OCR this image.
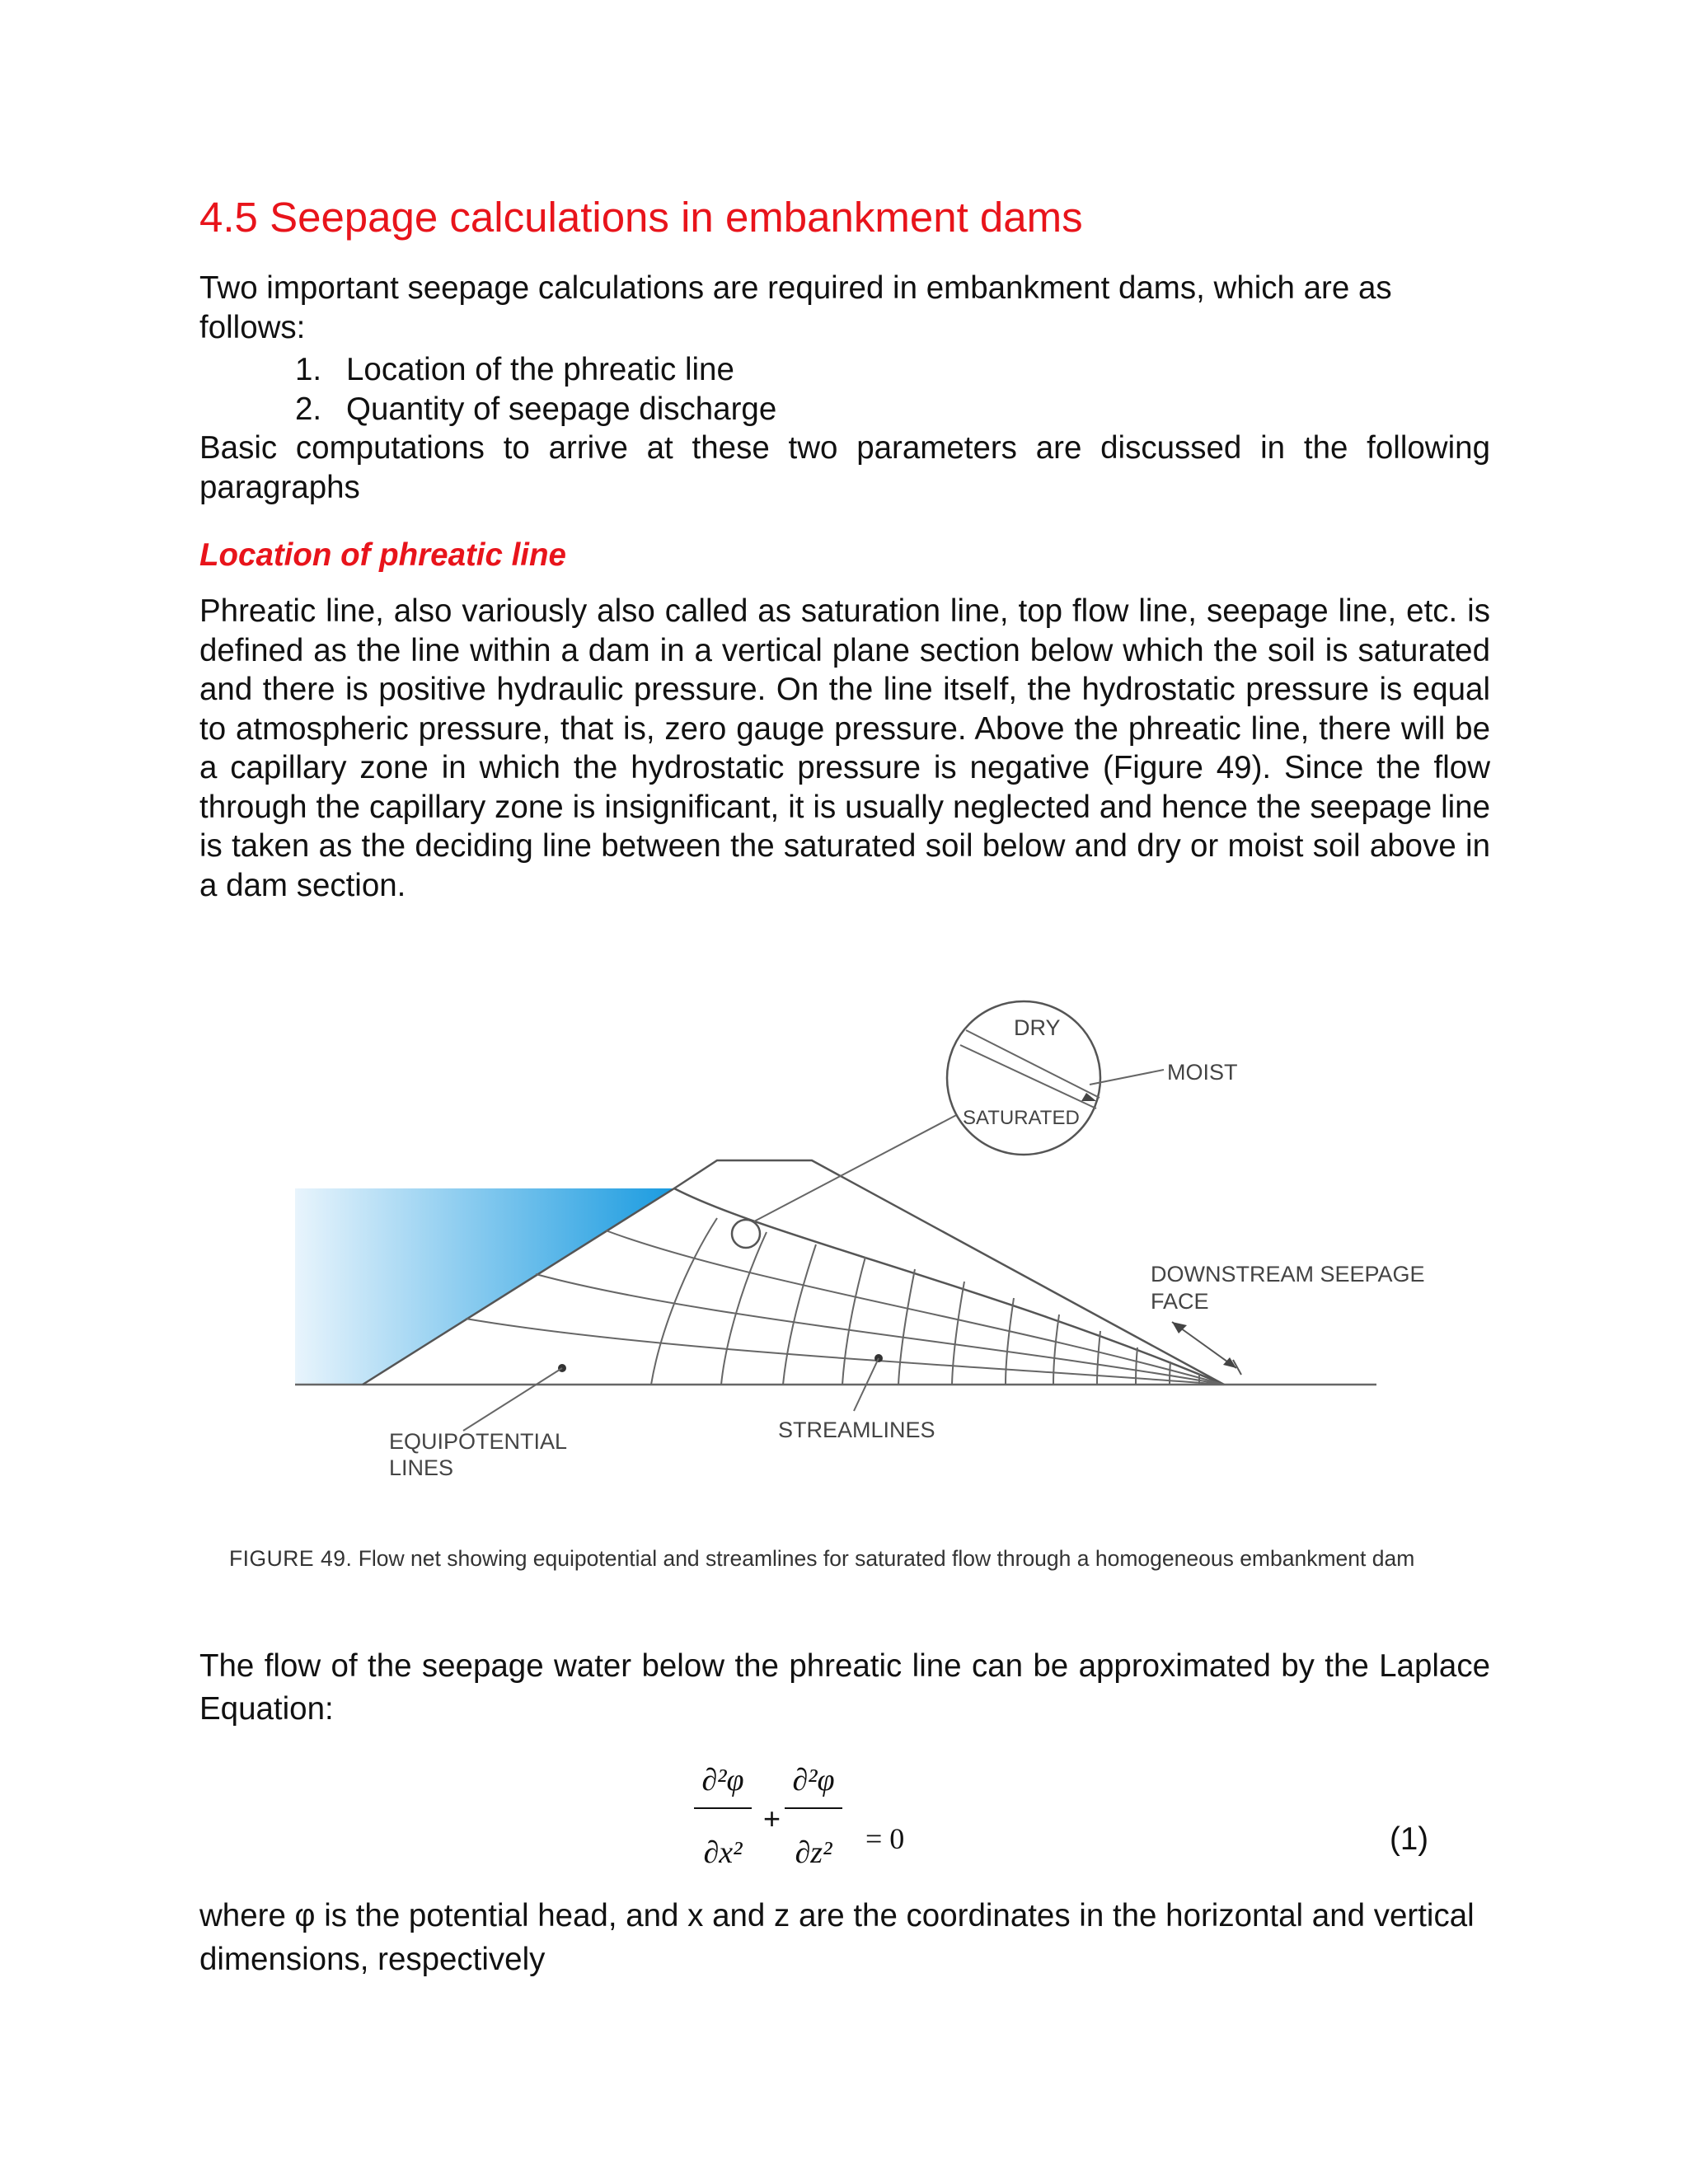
4.5 Seepage calculations in embankment dams

Two important seepage calculations are required in embankment dams, which are as follows:

1. Location of the phreatic line
2. Quantity of seepage discharge

Basic computations to arrive at these two parameters are discussed in the following paragraphs

Location of phreatic line

Phreatic line, also variously also called as saturation line, top flow line, seepage line, etc. is defined as the line within a dam in a vertical plane section below which the soil is saturated and there is positive hydraulic pressure. On the line itself, the hydrostatic pressure is equal to atmospheric pressure, that is, zero gauge pressure. Above the phreatic line, there will be a capillary zone in which the hydrostatic pressure is negative (Figure 49). Since the flow through the capillary zone is insignificant, it is usually neglected and hence the seepage line is taken as the deciding line between the saturated soil below and dry or moist soil above in a dam section.

DRY
SATURATED
MOIST
DOWNSTREAM SEEPAGE
FACE
EQUIPOTENTIAL
LINES
STREAMLINES
FIGURE 49. Flow net showing equipotential and streamlines for saturated flow through a homogeneous embankment dam

The flow of the seepage water below the phreatic line can be approximated by the Laplace Equation:

∂²φ
∂x²
+
∂²φ
∂z²	= 0	(1)

where φ is the potential head, and x and z are the coordinates in the horizontal and vertical dimensions, respectively
